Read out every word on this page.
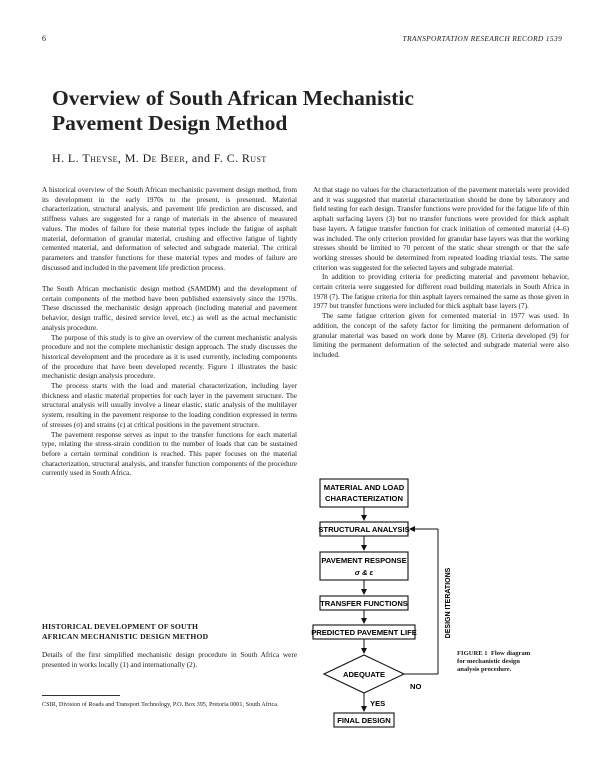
6	TRANSPORTATION RESEARCH RECORD 1539
Overview of South African Mechanistic
Pavement Design Method
H. L. Theyse, M. De Beer, and F. C. Rust

A historical overview of the South African mechanistic pavement design method, from its development in the early 1970s to the present, is presented. Material characterization, structural analysis, and pavement life prediction are discussed, and stiffness values are suggested for a range of materials in the absence of measured values. The modes of failure for these material types include the fatigue of asphalt material, deformation of granular material, crushing and effective fatigue of lightly cemented material, and deformation of selected and subgrade material. The critical parameters and transfer functions for these material types and modes of failure are discussed and included in the pavement life prediction process.

The South African mechanistic design method (SAMDM) and the development of certain components of the method have been published extensively since the 1970s. These discussed the mechanistic design approach (including material and pavement behavior, design traffic, desired service level, etc.) as well as the actual mechanistic analysis procedure.

The purpose of this study is to give an overview of the current mechanistic analysis procedure and not the complete mechanistic design approach. The study discusses the historical development and the procedure as it is used currently, including components of the procedure that have been developed recently. Figure 1 illustrates the basic mechanistic design analysis procedure.

The process starts with the load and material characterization, including layer thickness and elastic material properties for each layer in the pavement structure. The structural analysis will usually involve a linear elastic, static analysis of the multilayer system, resulting in the pavement response to the loading condition expressed in terms of stresses (σ) and strains (ε) at critical positions in the pavement structure.

The pavement response serves as input to the transfer functions for each material type, relating the stress-strain condition to the number of loads that can be sustained before a certain terminal condition is reached. This paper focuses on the material characterization, structural analysis, and transfer function components of the procedure currently used in South Africa.

HISTORICAL DEVELOPMENT OF SOUTH
AFRICAN MECHANISTIC DESIGN METHOD

Details of the first simplified mechanistic design procedure in South Africa were presented in works locally (1) and internationally (2).

CSIR, Division of Roads and Transport Technology, P.O. Box 395, Pretoria 0001, South Africa.

At that stage no values for the characterization of the pavement materials were provided and it was suggested that material characterization should be done by laboratory and field testing for each design. Transfer functions were provided for the fatigue life of thin asphalt surfacing layers (3) but no transfer functions were provided for thick asphalt base layers. A fatigue transfer function for crack initiation of cemented material (4–6) was included. The only criterion provided for granular base layers was that the working stresses should be limited to 70 percent of the static shear strength or that the safe working stresses should be determined from repeated loading triaxial tests. The same criterion was suggested for the selected layers and subgrade material.

In addition to providing criteria for predicting material and pavement behavior, certain criteria were suggested for different road building materials in South Africa in 1978 (7). The fatigue criteria for thin asphalt layers remained the same as those given in 1977 but transfer functions were included for thick asphalt base layers (7).

The same fatigue criterion given for cemented material in 1977 was used. In addition, the concept of the safety factor for limiting the permanent deformation of granular material was based on work done by Maree (8). Criteria developed (9) for limiting the permanent deformation of the selected and subgrade material were also included.

MATERIAL AND LOAD
CHARACTERIZATION
STRUCTURAL ANALYSIS
PAVEMENT RESPONSE
σ & ε
TRANSFER FUNCTIONS
PREDICTED PAVEMENT LIFE
ADEQUATE
NO
DESIGN ITERATIONS
YES
FINAL DESIGN
FIGURE 1 Flow diagram for mechanistic design analysis procedure.
